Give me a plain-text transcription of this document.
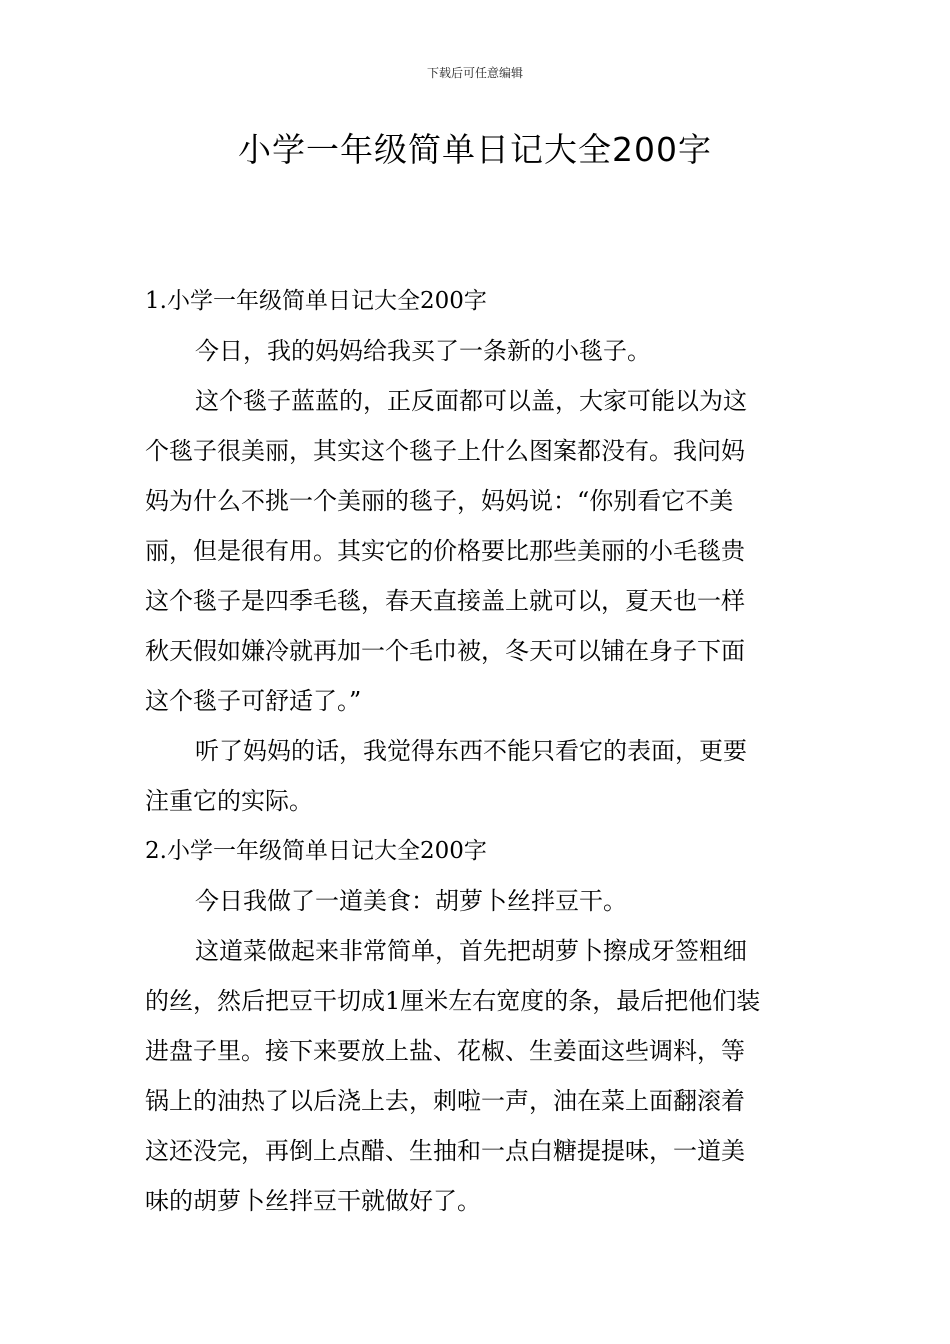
下载后可任意编辑
小学一年级简单日记大全200字

1.小学一年级简单日记大全200字

今日，我的妈妈给我买了一条新的小毯子。

这个毯子蓝蓝的，正反面都可以盖，大家可能以为这

个毯子很美丽，其实这个毯子上什么图案都没有。我问妈

妈为什么不挑一个美丽的毯子，妈妈说：“你别看它不美

丽，但是很有用。其实它的价格要比那些美丽的小毛毯贵

这个毯子是四季毛毯，春天直接盖上就可以，夏天也一样

秋天假如嫌冷就再加一个毛巾被，冬天可以铺在身子下面

这个毯子可舒适了。”

听了妈妈的话，我觉得东西不能只看它的表面，更要

注重它的实际。

2.小学一年级简单日记大全200字

今日我做了一道美食：胡萝卜丝拌豆干。

这道菜做起来非常简单，首先把胡萝卜擦成牙签粗细

的丝，然后把豆干切成1厘米左右宽度的条，最后把他们装

进盘子里。接下来要放上盐、花椒、生姜面这些调料，等

锅上的油热了以后浇上去，刺啦一声，油在菜上面翻滚着

这还没完，再倒上点醋、生抽和一点白糖提提味，一道美

味的胡萝卜丝拌豆干就做好了。
